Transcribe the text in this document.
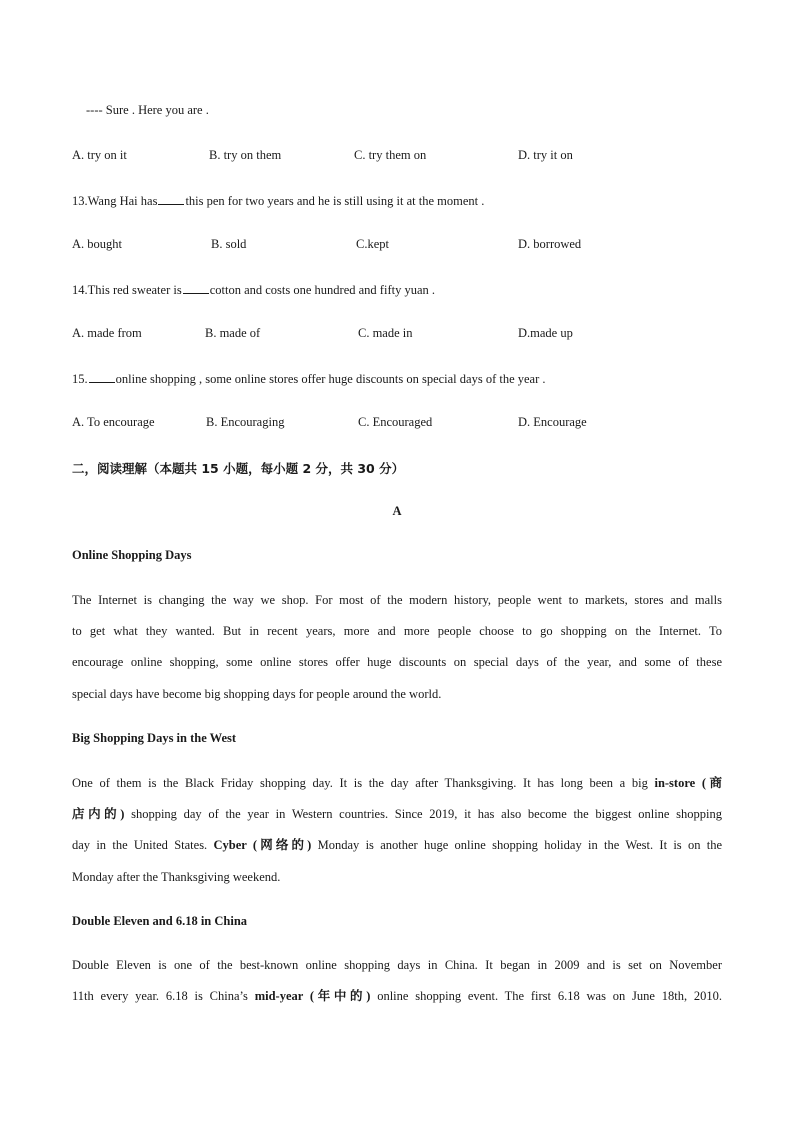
---- Sure . Here you are .
A. try on it	B. try on them	C. try them on	D. try it on
13.Wang Hai has this pen for two years and he is still using it at the moment .
A. bought	B. sold	C.kept	D. borrowed
14.This red sweater is cotton and costs one hundred and fifty yuan .
A. made from	B. made of	C. made in	D.made up
15. online shopping , some online stores offer huge discounts on special days of the year .
A. To encourage	B. Encouraging	C. Encouraged	D. Encourage
二，阅读理解（本题共 15 小题，每小题 2 分，共 30 分）
A
Online Shopping Days
The Internet is changing the way we shop. For most of the modern history, people went to markets, stores and malls
to get what they wanted. But in recent years, more and more people choose to go shopping on the Internet. To
encourage online shopping, some online stores offer huge discounts on special days of the year, and some of these
special days have become big shopping days for people around the world.
Big Shopping Days in the West
One of them is the Black Friday shopping day. It is the day after Thanksgiving. It has long been a big in-store (商
店内的) shopping day of the year in Western countries. Since 2019, it has also become the biggest online shopping
day in the United States. Cyber (网络的) Monday is another huge online shopping holiday in the West. It is on the
Monday after the Thanksgiving weekend.
Double Eleven and 6.18 in China
Double Eleven is one of the best-known online shopping days in China. It began in 2009 and is set on November
11th every year. 6.18 is China’s mid-year (年中的) online shopping event. The first 6.18 was on June 18th, 2010.
